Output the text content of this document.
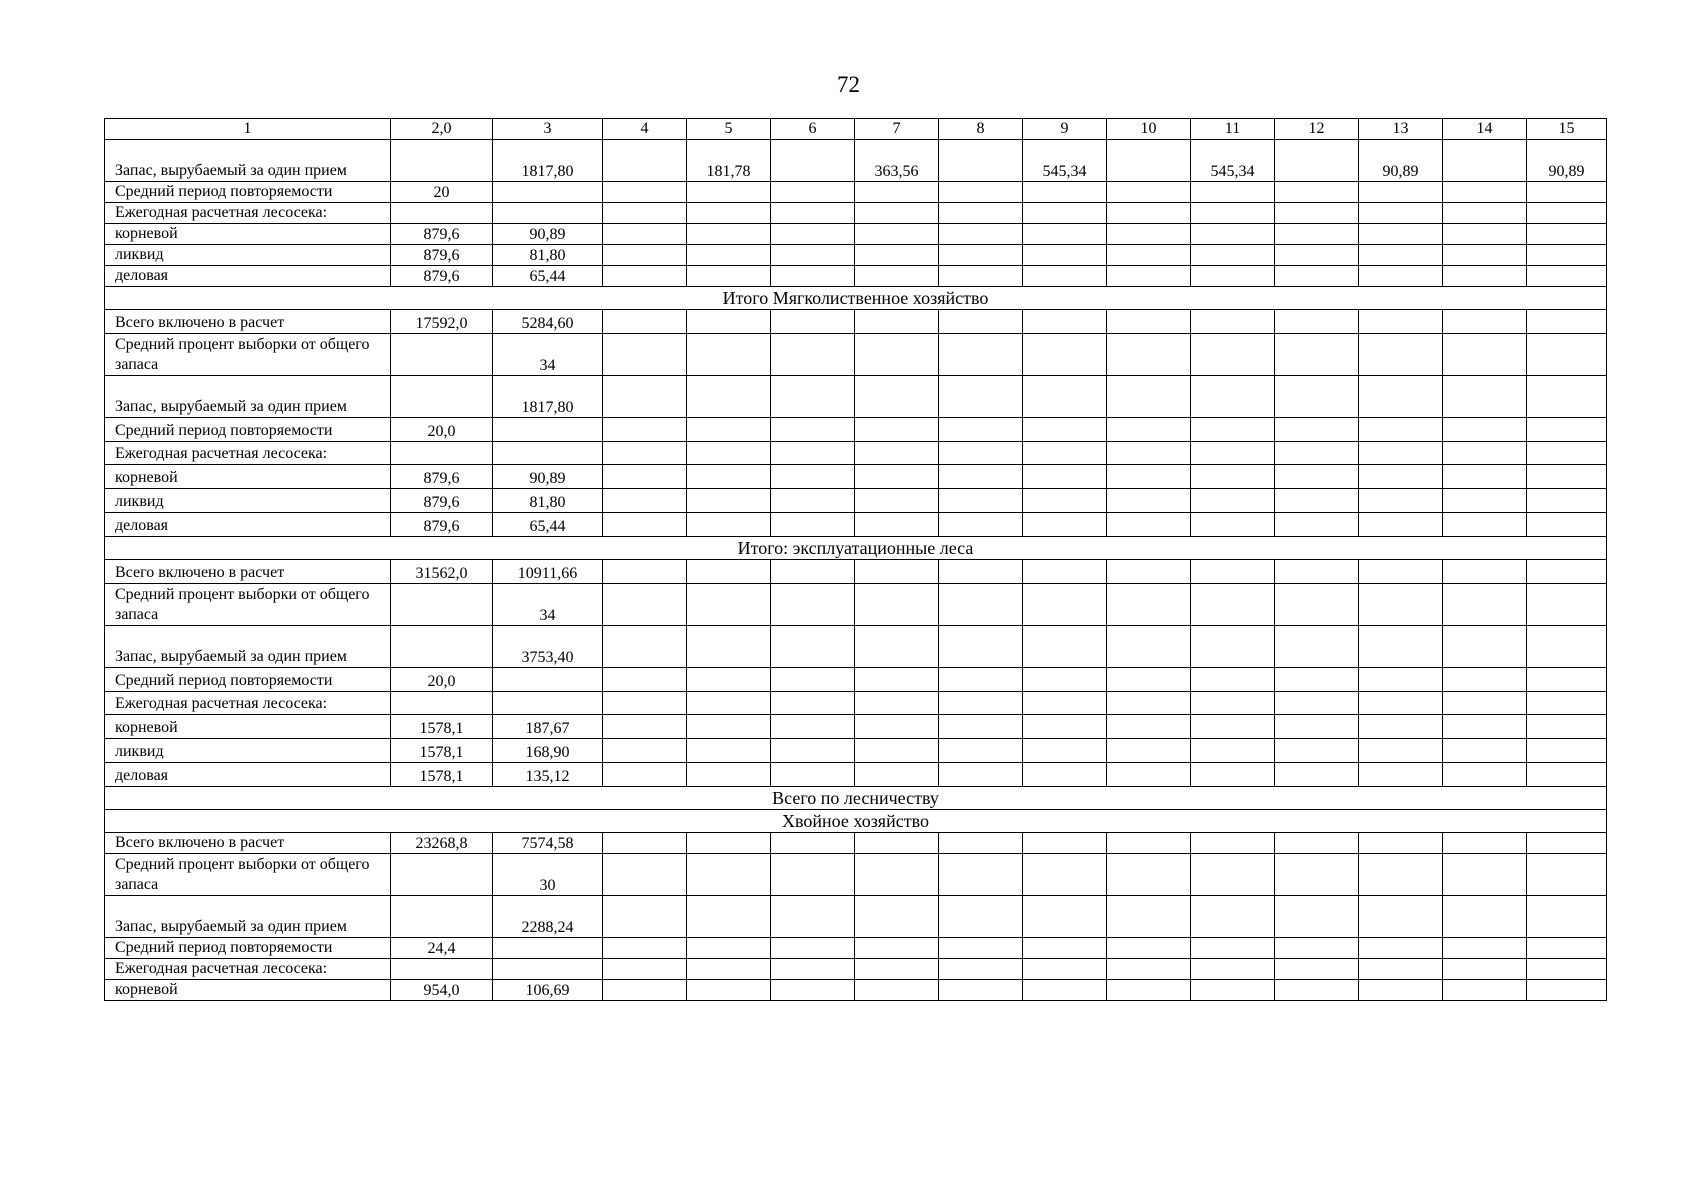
72
1	2,0	3	4	5	6	7	8	9	10	11	12	13	14	15
Запас, вырубаемый за один прием		1817,80		181,78		363,56		545,34		545,34		90,89		90,89
Средний период повторяемости	20													
Ежегодная расчетная лесосека:														
корневой	879,6	90,89												
ликвид	879,6	81,80												
деловая	879,6	65,44												
Итого Мягколиственное хозяйство														
Всего включено в расчет	17592,0	5284,60												
Средний процент выборки от общего запаса		34												
Запас, вырубаемый за один прием		1817,80												
Средний период повторяемости	20,0													
Ежегодная расчетная лесосека:														
корневой	879,6	90,89												
ликвид	879,6	81,80												
деловая	879,6	65,44												
Итого: эксплуатационные леса														
Всего включено в расчет	31562,0	10911,66												
Средний процент выборки от общего запаса		34												
Запас, вырубаемый за один прием		3753,40												
Средний период повторяемости	20,0													
Ежегодная расчетная лесосека:														
корневой	1578,1	187,67												
ликвид	1578,1	168,90												
деловая	1578,1	135,12												
Всего по лесничеству														
Хвойное хозяйство														
Всего включено в расчет	23268,8	7574,58												
Средний процент выборки от общего запаса		30												
Запас, вырубаемый за один прием		2288,24												
Средний период повторяемости	24,4													
Ежегодная расчетная лесосека:														
корневой	954,0	106,69												
